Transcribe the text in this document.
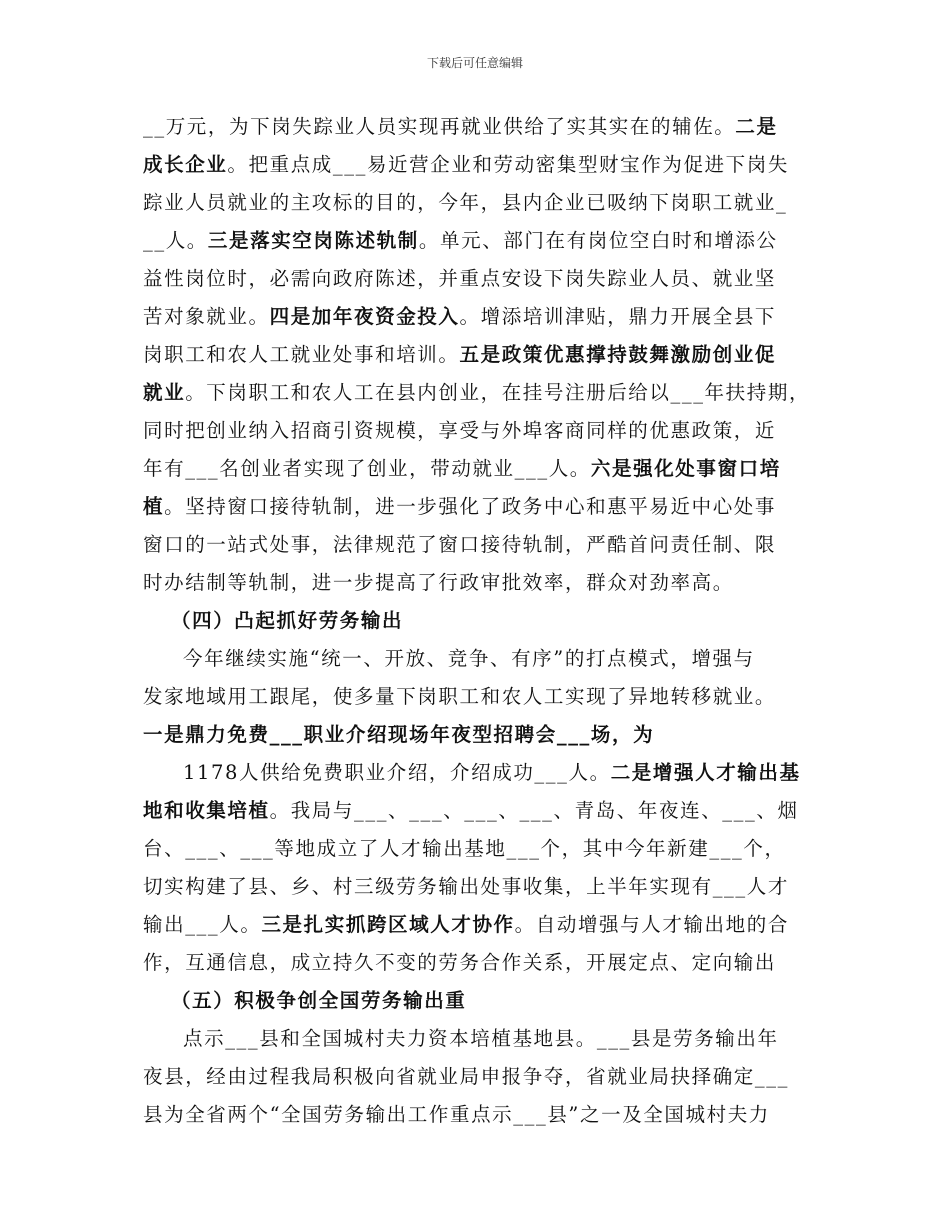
下载后可任意编辑
__万元，为下岗失踪业人员实现再就业供给了实其实在的辅佐。二是
成长企业。把重点成___易近营企业和劳动密集型财宝作为促进下岗失
踪业人员就业的主攻标的目的，今年，县内企业已吸纳下岗职工就业_
__人。三是落实空岗陈述轨制。单元、部门在有岗位空白时和增添公
益性岗位时，必需向政府陈述，并重点安设下岗失踪业人员、就业坚
苦对象就业。四是加年夜资金投入。增添培训津贴，鼎力开展全县下
岗职工和农人工就业处事和培训。五是政策优惠撑持鼓舞激励创业促
就业。下岗职工和农人工在县内创业，在挂号注册后给以___年扶持期，
同时把创业纳入招商引资规模，享受与外埠客商同样的优惠政策，近
年有___名创业者实现了创业，带动就业___人。六是强化处事窗口培
植。坚持窗口接待轨制，进一步强化了政务中心和惠平易近中心处事
窗口的一站式处事，法律规范了窗口接待轨制，严酷首问责任制、限
时办结制等轨制，进一步提高了行政审批效率，群众对劲率高。
（四）凸起抓好劳务输出
今年继续实施“统一、开放、竞争、有序”的打点模式，增强与
发家地域用工跟尾，使多量下岗职工和农人工实现了异地转移就业。
一是鼎力免费___职业介绍现场年夜型招聘会___场，为
1178人供给免费职业介绍，介绍成功___人。二是增强人才输出基
地和收集培植。我局与___、___、___、___、青岛、年夜连、___、烟
台、___、___等地成立了人才输出基地___个，其中今年新建___个，
切实构建了县、乡、村三级劳务输出处事收集，上半年实现有___人才
输出___人。三是扎实抓跨区域人才协作。自动增强与人才输出地的合
作，互通信息，成立持久不变的劳务合作关系，开展定点、定向输出
（五）积极争创全国劳务输出重
点示___县和全国城村夫力资本培植基地县。___县是劳务输出年
夜县，经由过程我局积极向省就业局申报争夺，省就业局抉择确定___
县为全省两个“全国劳务输出工作重点示___县”之一及全国城村夫力
